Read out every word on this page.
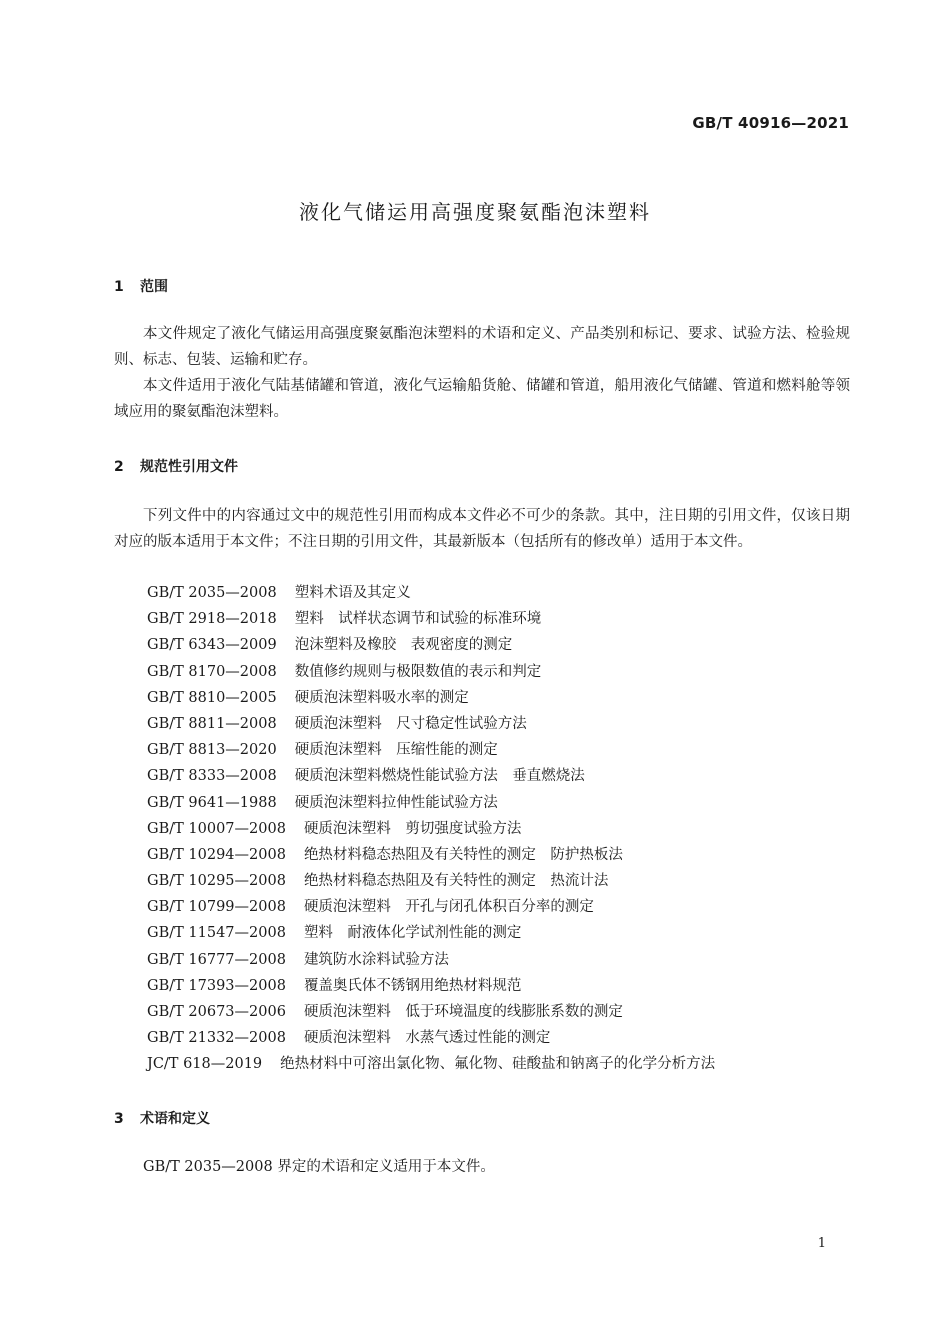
GB/T 40916—2021
液化气储运用高强度聚氨酯泡沫塑料
1 范围

本文件规定了液化气储运用高强度聚氨酯泡沫塑料的术语和定义、产品类别和标记、要求、试验方法、检验规则、标志、包装、运输和贮存。

本文件适用于液化气陆基储罐和管道，液化气运输船货舱、储罐和管道，船用液化气储罐、管道和燃料舱等领域应用的聚氨酯泡沫塑料。

2 规范性引用文件

下列文件中的内容通过文中的规范性引用而构成本文件必不可少的条款。其中，注日期的引用文件，仅该日期对应的版本适用于本文件；不注日期的引用文件，其最新版本（包括所有的修改单）适用于本文件。

GB/T 2035—2008 塑料术语及其定义
GB/T 2918—2018 塑料　试样状态调节和试验的标准环境
GB/T 6343—2009 泡沫塑料及橡胶　表观密度的测定
GB/T 8170—2008 数值修约规则与极限数值的表示和判定
GB/T 8810—2005 硬质泡沫塑料吸水率的测定
GB/T 8811—2008 硬质泡沫塑料　尺寸稳定性试验方法
GB/T 8813—2020 硬质泡沫塑料　压缩性能的测定
GB/T 8333—2008 硬质泡沫塑料燃烧性能试验方法　垂直燃烧法
GB/T 9641—1988 硬质泡沫塑料拉伸性能试验方法
GB/T 10007—2008 硬质泡沫塑料　剪切强度试验方法
GB/T 10294—2008 绝热材料稳态热阻及有关特性的测定　防护热板法
GB/T 10295—2008 绝热材料稳态热阻及有关特性的测定　热流计法
GB/T 10799—2008 硬质泡沫塑料　开孔与闭孔体积百分率的测定
GB/T 11547—2008 塑料　耐液体化学试剂性能的测定
GB/T 16777—2008 建筑防水涂料试验方法
GB/T 17393—2008 覆盖奥氏体不锈钢用绝热材料规范
GB/T 20673—2006 硬质泡沫塑料　低于环境温度的线膨胀系数的测定
GB/T 21332—2008 硬质泡沫塑料　水蒸气透过性能的测定
JC/T 618—2019 绝热材料中可溶出氯化物、氟化物、硅酸盐和钠离子的化学分析方法
3 术语和定义

GB/T 2035—2008 界定的术语和定义适用于本文件。

1
